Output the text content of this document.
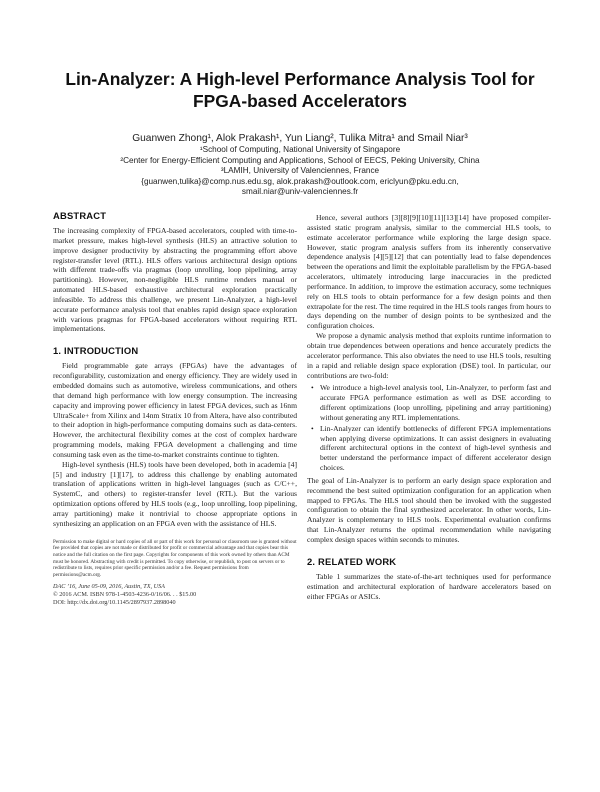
Lin-Analyzer: A High-level Performance Analysis Tool for FPGA-based Accelerators
Guanwen Zhong¹, Alok Prakash¹, Yun Liang², Tulika Mitra¹ and Smail Niar³
¹School of Computing, National University of Singapore
²Center for Energy-Efficient Computing and Applications, School of EECS, Peking University, China
³LAMIH, University of Valenciennes, France
{guanwen,tulika}@comp.nus.edu.sg, alok.prakash@outlook.com, ericlyun@pku.edu.cn,
smail.niar@univ-valenciennes.fr
ABSTRACT

The increasing complexity of FPGA-based accelerators, coupled with time-to-market pressure, makes high-level synthesis (HLS) an attractive solution to improve designer productivity by abstracting the programming effort above register-transfer level (RTL). HLS offers various architectural design options with different trade-offs via pragmas (loop unrolling, loop pipelining, array partitioning). However, non-negligible HLS runtime renders manual or automated HLS-based exhaustive architectural exploration practically infeasible. To address this challenge, we present Lin-Analyzer, a high-level accurate performance analysis tool that enables rapid design space exploration with various pragmas for FPGA-based accelerators without requiring RTL implementations.

1. INTRODUCTION

Field programmable gate arrays (FPGAs) have the advantages of reconfigurability, customization and energy efficiency. They are widely used in embedded domains such as automotive, wireless communications, and others that demand high performance with low energy consumption. The increasing capacity and improving power efficiency in latest FPGA devices, such as 16nm UltraScale+ from Xilinx and 14nm Stratix 10 from Altera, have also contributed to their adoption in high-performance computing domains such as data-centers. However, the architectural flexibility comes at the cost of complex hardware programming models, making FPGA development a challenging and time consuming task even as the time-to-market constraints continue to tighten.

High-level synthesis (HLS) tools have been developed, both in academia [4][5] and industry [1][17], to address this challenge by enabling automated translation of applications written in high-level languages (such as C/C++, SystemC, and others) to register-transfer level (RTL). But the various optimization options offered by HLS tools (e.g., loop unrolling, loop pipelining, array partitioning) make it nontrivial to choose appropriate options in synthesizing an application on an FPGA even with the assistance of HLS.

Permission to make digital or hard copies of all or part of this work for personal or classroom use is granted without fee provided that copies are not made or distributed for profit or commercial advantage and that copies bear this notice and the full citation on the first page. Copyrights for components of this work owned by others than ACM must be honored. Abstracting with credit is permitted. To copy otherwise, or republish, to post on servers or to redistribute to lists, requires prior specific permission and/or a fee. Request permissions from permissions@acm.org.

DAC ’16, June 05-09, 2016, Austin, TX, USA
© 2016 ACM. ISBN 978-1-4503-4236-0/16/06. . . $15.00
DOI: http://dx.doi.org/10.1145/2897937.2898040

Hence, several authors [3][8][9][10][11][13][14] have proposed compiler-assisted static program analysis, similar to the commercial HLS tools, to estimate accelerator performance while exploring the large design space. However, static program analysis suffers from its inherently conservative dependence analysis [4][5][12] that can potentially lead to false dependences between the operations and limit the exploitable parallelism by the FPGA-based accelerators, ultimately introducing large inaccuracies in the predicted performance. In addition, to improve the estimation accuracy, some techniques rely on HLS tools to obtain performance for a few design points and then extrapolate for the rest. The time required in the HLS tools ranges from hours to days depending on the number of design points to be synthesized and the configuration choices.

We propose a dynamic analysis method that exploits runtime information to obtain true dependences between operations and hence accurately predicts the accelerator performance. This also obviates the need to use HLS tools, resulting in a rapid and reliable design space exploration (DSE) tool. In particular, our contributions are two-fold:

• We introduce a high-level analysis tool, Lin-Analyzer, to perform fast and accurate FPGA performance estimation as well as DSE according to different optimizations (loop unrolling, pipelining and array partitioning) without generating any RTL implementations.
• Lin-Analyzer can identify bottlenecks of different FPGA implementations when applying diverse optimizations. It can assist designers in evaluating different architectural options in the context of high-level synthesis and better understand the performance impact of different accelerator design choices.

The goal of Lin-Analyzer is to perform an early design space exploration and recommend the best suited optimization configuration for an application when mapped to FPGAs. The HLS tool should then be invoked with the suggested configuration to obtain the final synthesized accelerator. In other words, Lin-Analyzer is complementary to HLS tools. Experimental evaluation confirms that Lin-Analyzer returns the optimal recommendation while navigating complex design spaces within seconds to minutes.

2. RELATED WORK

Table 1 summarizes the state-of-the-art techniques used for performance estimation and architectural exploration of hardware accelerators based on either FPGAs or ASICs.
